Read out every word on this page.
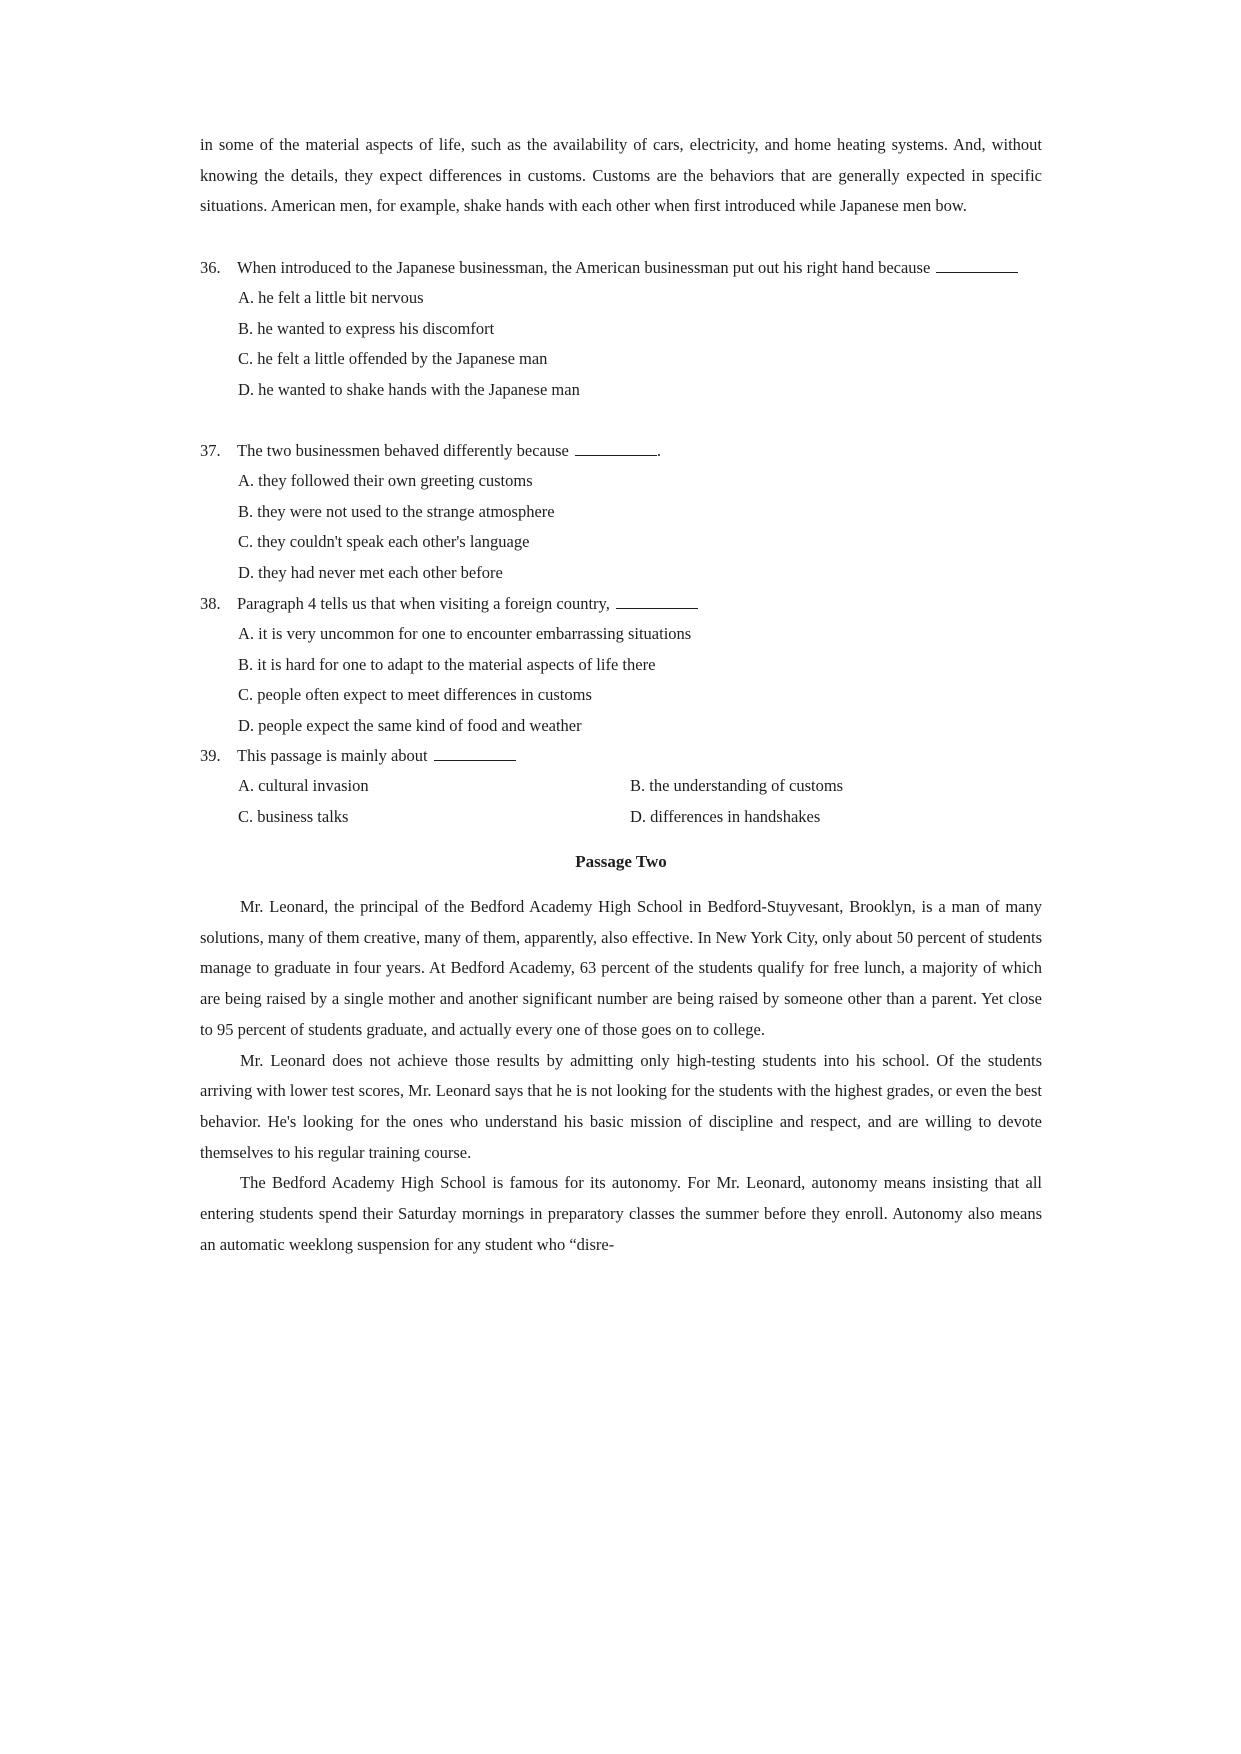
in some of the material aspects of life, such as the availability of cars, electricity, and home heating systems. And, without knowing the details, they expect differences in customs. Customs are the behaviors that are generally expected in specific situations. American men, for example, shake hands with each other when first introduced while Japanese men bow.

36. When introduced to the Japanese businessman, the American businessman put out his right hand because
A. he felt a little bit nervous
B. he wanted to express his discomfort
C. he felt a little offended by the Japanese man
D. he wanted to shake hands with the Japanese man
37. The two businessmen behaved differently because	.
A. they followed their own greeting customs
B. they were not used to the strange atmosphere
C. they couldn't speak each other's language
D. they had never met each other before
38. Paragraph 4 tells us that when visiting a foreign country,
A. it is very uncommon for one to encounter embarrassing situations
B. it is hard for one to adapt to the material aspects of life there
C. people often expect to meet differences in customs
D. people expect the same kind of food and weather
39. This passage is mainly about
A. cultural invasion	B. the understanding of customs
C. business talks	D. differences in handshakes
Passage Two

Mr. Leonard, the principal of the Bedford Academy High School in Bedford-Stuyvesant, Brooklyn, is a man of many solutions, many of them creative, many of them, apparently, also effective. In New York City, only about 50 percent of students manage to graduate in four years. At Bedford Academy, 63 percent of the students qualify for free lunch, a majority of which are being raised by a single mother and another significant number are being raised by someone other than a parent. Yet close to 95 percent of students graduate, and actually every one of those goes on to college.

Mr. Leonard does not achieve those results by admitting only high-testing students into his school. Of the students arriving with lower test scores, Mr. Leonard says that he is not looking for the students with the highest grades, or even the best behavior. He's looking for the ones who understand his basic mission of discipline and respect, and are willing to devote themselves to his regular training course.

The Bedford Academy High School is famous for its autonomy. For Mr. Leonard, autonomy means insisting that all entering students spend their Saturday mornings in preparatory classes the summer before they enroll. Autonomy also means an automatic weeklong suspension for any student who “disre-
